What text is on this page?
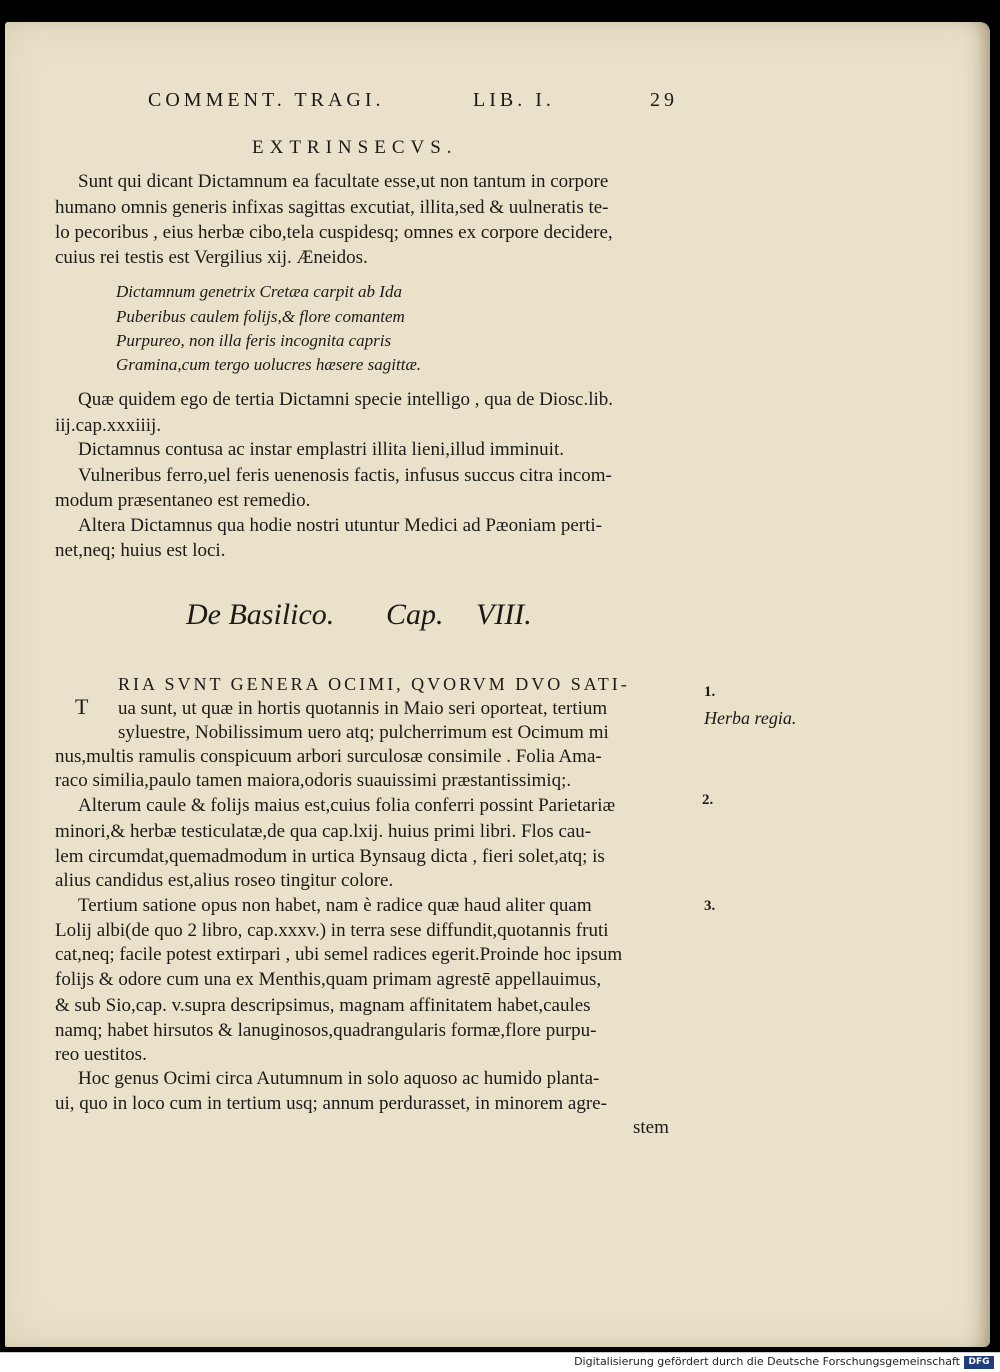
COMMENT. TRAGI.	LIB. I.	29
EXTRINSECVS.
Sunt qui dicant Dictamnum ea facultate esse,ut non tantum in corpore
humano omnis generis infixas sagittas excutiat, illita,sed & uulneratis te-
lo pecoribus , eius herbæ cibo,tela cuspidesq; omnes ex corpore decidere,
cuius rei testis est Vergilius xij. Æneidos.
Dictamnum genetrix Cretæa carpit ab Ida
Puberibus caulem folijs,& flore comantem
Purpureo, non illa feris incognita capris
Gramina,cum tergo uolucres hæsere sagittæ.
Quæ quidem ego de tertia Dictamni specie intelligo , qua de Diosc.lib.
iij.cap.xxxiiij.
Dictamnus contusa ac instar emplastri illita lieni,illud imminuit.
Vulneribus ferro,uel feris uenenosis factis, infusus succus citra incom-
modum præsentaneo est remedio.
Altera Dictamnus qua hodie nostri utuntur Medici ad Pæoniam perti-
net,neq; huius est loci.
De Basilico. Cap. VIII.
T
RIA SVNT GENERA OCIMI, QVORVM DVO SATI-
ua sunt, ut quæ in hortis quotannis in Maio seri oporteat, tertium
syluestre, Nobilissimum uero atq; pulcherrimum est Ocimum mi
nus,multis ramulis conspicuum arbori surculosæ consimile . Folia Ama-
raco similia,paulo tamen maiora,odoris suauissimi præstantissimiq;.
Alterum caule & folijs maius est,cuius folia conferri possint Parietariæ
minori,& herbæ testiculatæ,de qua cap.lxij. huius primi libri. Flos cau-
lem circumdat,quemadmodum in urtica Bynsaug dicta , fieri solet,atq; is
alius candidus est,alius roseo tingitur colore.
Tertium satione opus non habet, nam è radice quæ haud aliter quam
Lolij albi(de quo 2 libro, cap.xxxv.) in terra sese diffundit,quotannis fruti
cat,neq; facile potest extirpari , ubi semel radices egerit.Proinde hoc ipsum
folijs & odore cum una ex Menthis,quam primam agrestē appellauimus,
& sub Sio,cap. v.supra descripsimus, magnam affinitatem habet,caules
namq; habet hirsutos & lanuginosos,quadrangularis formæ,flore purpu-
reo uestitos.
Hoc genus Ocimi circa Autumnum in solo aquoso ac humido planta-
ui, quo in loco cum in tertium usq; annum perdurasset, in minorem agre-
stem
1.
Herba regia.
2.
3.
Digitalisierung gefördert durch die Deutsche Forschungsgemeinschaft DFG
